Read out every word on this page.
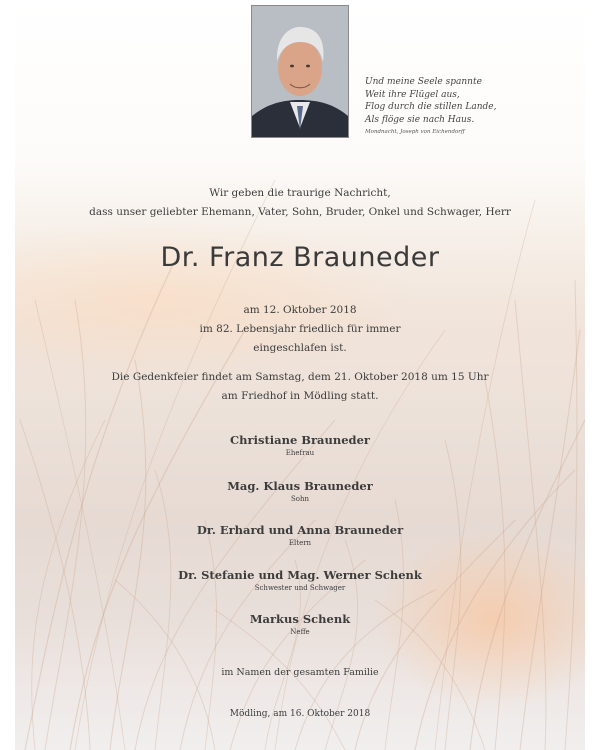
Und meine Seele spannte
Weit ihre Flügel aus,
Flog durch die stillen Lande,
Als flöge sie nach Haus.
Mondnacht, Joseph von Eichendorff
Wir geben die traurige Nachricht,
dass unser geliebter Ehemann, Vater, Sohn, Bruder, Onkel und Schwager, Herr
Dr. Franz Brauneder
am 12. Oktober 2018
im 82. Lebensjahr friedlich für immer
eingeschlafen ist.
Die Gedenkfeier findet am Samstag, dem 21. Oktober 2018 um 15 Uhr
am Friedhof in Mödling statt.
Christiane Brauneder
Ehefrau
Mag. Klaus Brauneder
Sohn
Dr. Erhard und Anna Brauneder
Eltern
Dr. Stefanie und Mag. Werner Schenk
Schwester und Schwager
Markus Schenk
Neffe
im Namen der gesamten Familie
Mödling, am 16. Oktober 2018
